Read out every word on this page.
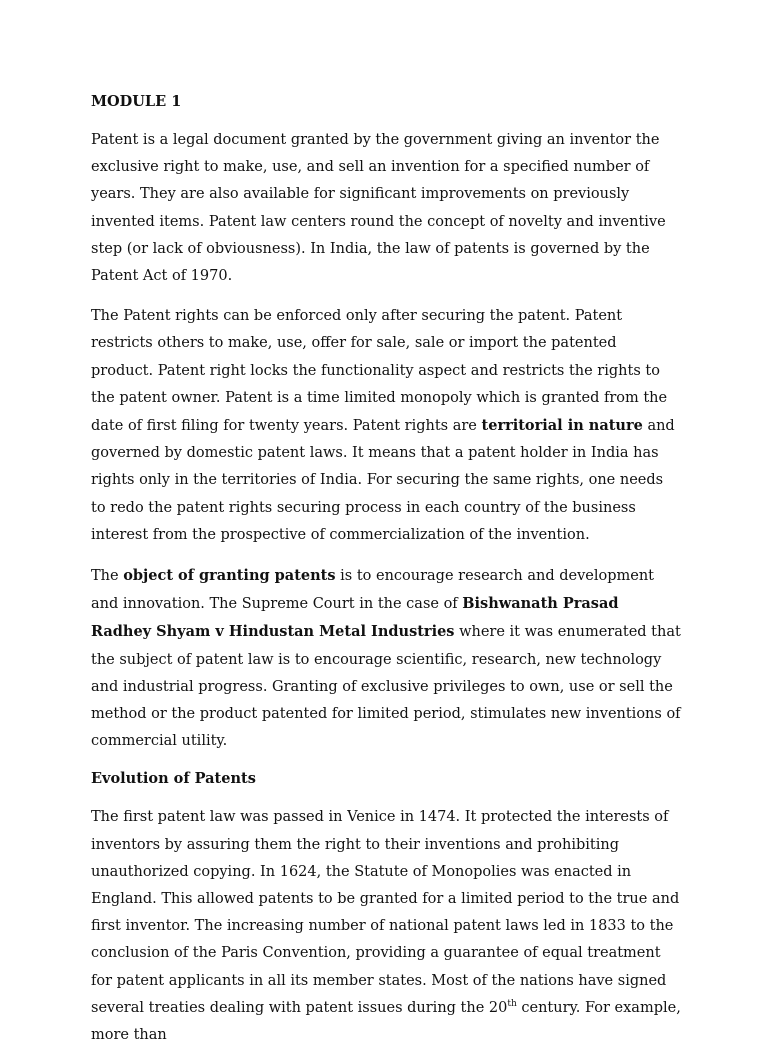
MODULE 1

Patent is a legal document granted by the government giving an inventor the exclusive right to make, use, and sell an invention for a specified number of years. They are also available for significant improvements on previously invented items. Patent law centers round the concept of novelty and inventive step (or lack of obviousness). In India, the law of patents is governed by the Patent Act of 1970.

The Patent rights can be enforced only after securing the patent. Patent restricts others to make, use, offer for sale, sale or import the patented product. Patent right locks the functionality aspect and restricts the rights to the patent owner. Patent is a time limited monopoly which is granted from the date of first filing for twenty years. Patent rights are territorial in nature and governed by domestic patent laws. It means that a patent holder in India has rights only in the territories of India. For securing the same rights, one needs to redo the patent rights securing process in each country of the business interest from the prospective of commercialization of the invention.

The object of granting patents is to encourage research and development and innovation. The Supreme Court in the case of Bishwanath Prasad Radhey Shyam v Hindustan Metal Industries where it was enumerated that the subject of patent law is to encourage scientific, research, new technology and industrial progress. Granting of exclusive privileges to own, use or sell the method or the product patented for limited period, stimulates new inventions of commercial utility.

Evolution of Patents

The first patent law was passed in Venice in 1474. It protected the interests of inventors by assuring them the right to their inventions and prohibiting unauthorized copying. In 1624, the Statute of Monopolies was enacted in England. This allowed patents to be granted for a limited period to the true and first inventor. The increasing number of national patent laws led in 1833 to the conclusion of the Paris Convention, providing a guarantee of equal treatment for patent applicants in all its member states. Most of the nations have signed several treaties dealing with patent issues during the 20th century. For example, more than
